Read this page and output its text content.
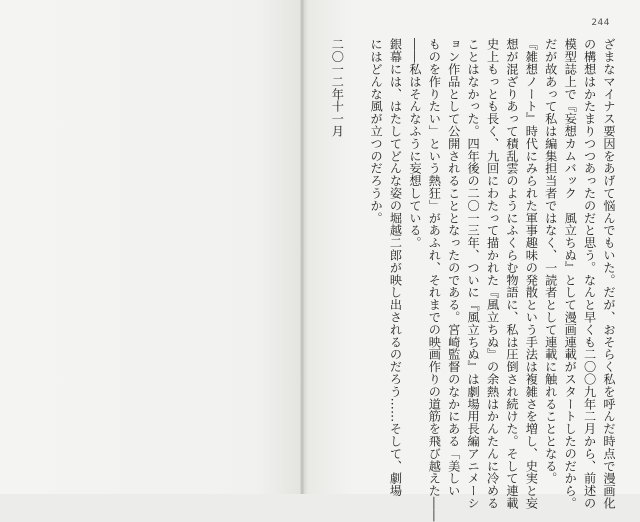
244
ざまなマイナス要因をあげて悩んでもいた。だが、おそらく私を呼んだ時点で漫画化
の構想はかたまりつつあったのだと思う。なんと早くも二〇〇九年二月から、前述の
模型誌上で『妄想カムバック　風立ちぬ』として漫画連載がスタートしたのだから。
だが故あって私は編集担当者ではなく、一読者として連載に触れることとなる。
『雑想ノート』時代にみられた軍事趣味の発散という手法は複雑さを増し、史実と妄
想が混ざりあって積乱雲のようにふくらむ物語に、私は圧倒され続けた。そして連載
史上もっとも長く、九回にわたって描かれた『風立ちぬ』の余熱はかんたんに冷める
ことはなかった。四年後の二〇一三年、ついに『風立ちぬ』は劇場用長編アニメーシ
ョン作品として公開されることとなったのである。宮崎監督のなかにある「美しい
ものを作りたい」という熱狂」があふれ、それまでの映画作りの道筋を飛び越えた――
――私はそんなふうに妄想している。
銀幕には、はたしてどんな姿の堀越二郎が映し出されるのだろう……そして、劇場
にはどんな風が立つのだろうか。
二〇一二年十一月
